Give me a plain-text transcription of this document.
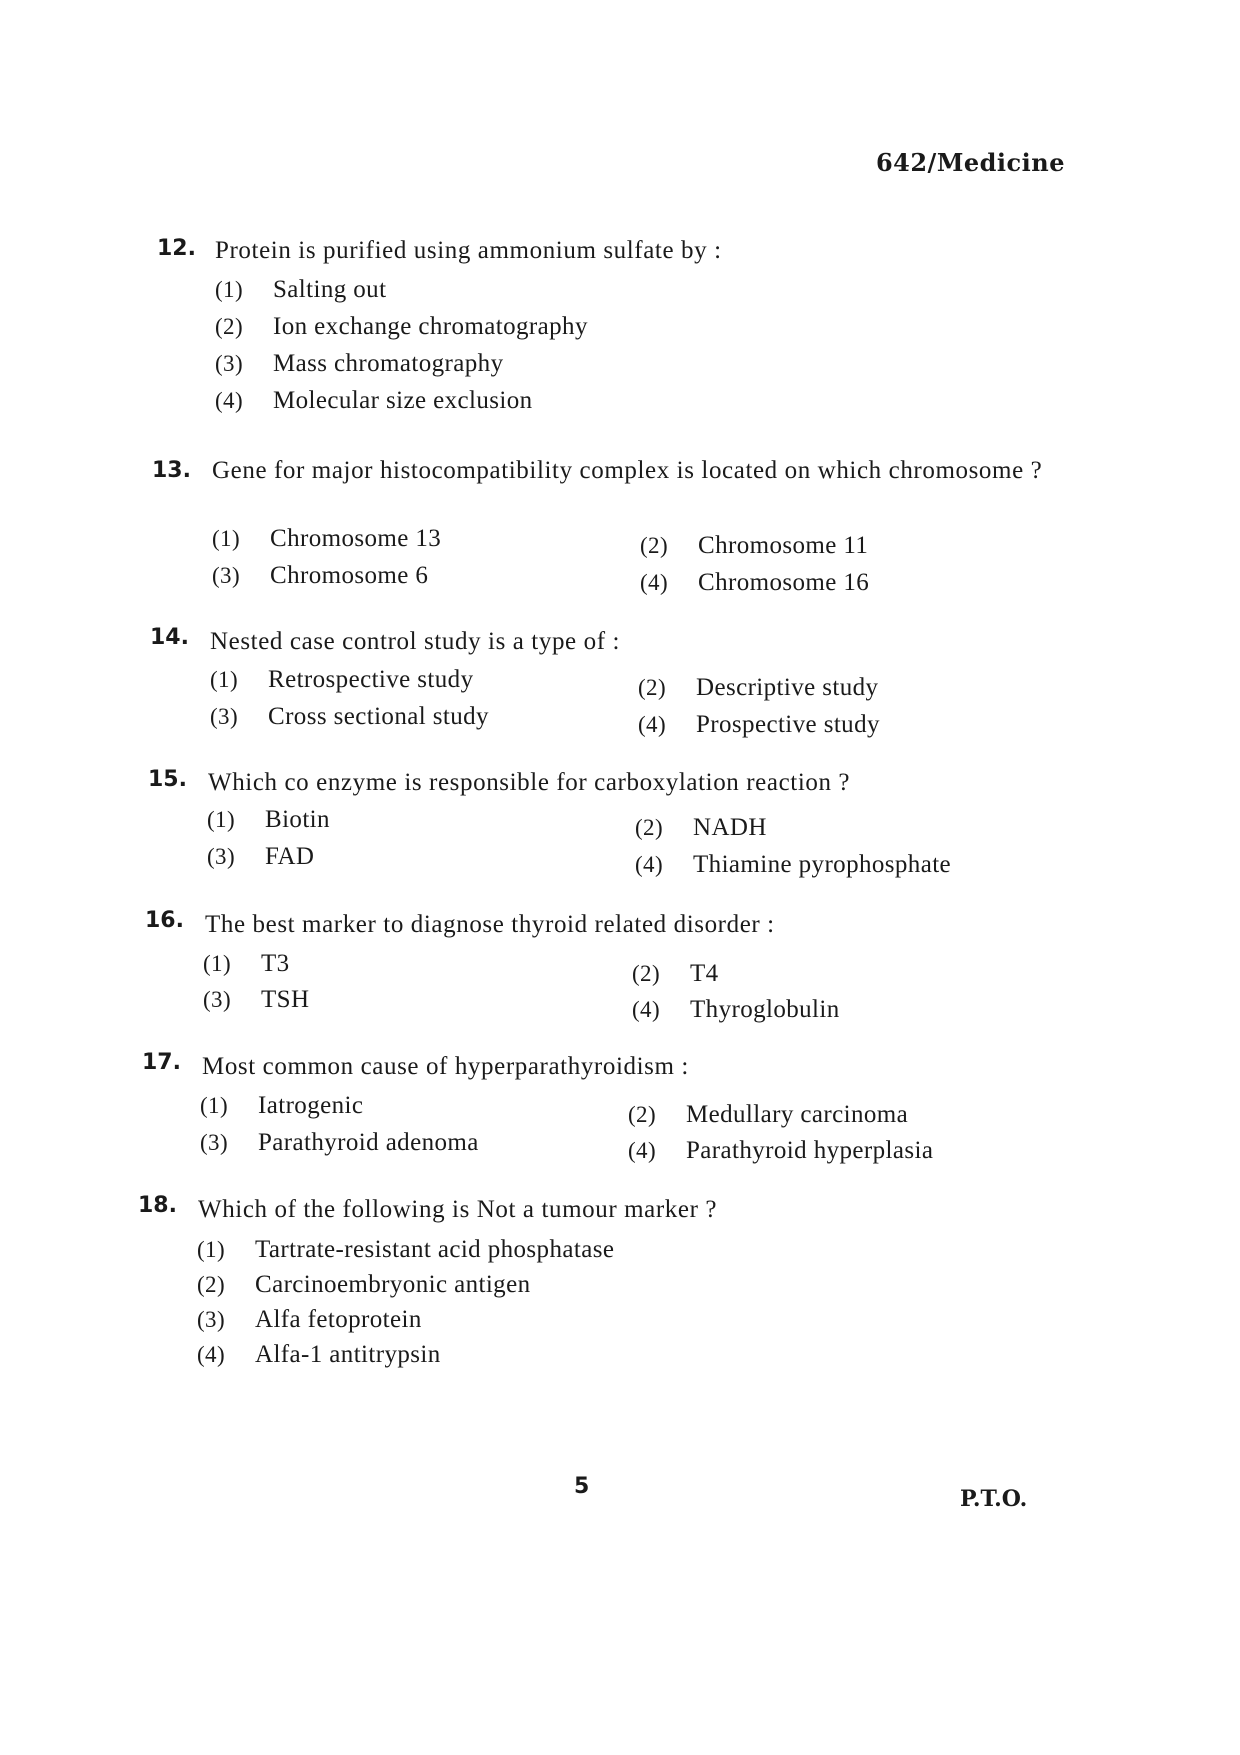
642/Medicine
12. Protein is purified using ammonium sulfate by :
(1) Salting out
(2) Ion exchange chromatography
(3) Mass chromatography
(4) Molecular size exclusion
13. Gene for major histocompatibility complex is located on which chromosome ?
(1) Chromosome 13	(2) Chromosome 11
(3) Chromosome 6	(4) Chromosome 16
14. Nested case control study is a type of :
(1) Retrospective study	(2) Descriptive study
(3) Cross sectional study	(4) Prospective study
15. Which co enzyme is responsible for carboxylation reaction ?
(1) Biotin	(2) NADH
(3) FAD	(4) Thiamine pyrophosphate
16. The best marker to diagnose thyroid related disorder :
(1) T3	(2) T4
(3) TSH	(4) Thyroglobulin
17. Most common cause of hyperparathyroidism :
(1) Iatrogenic	(2) Medullary carcinoma
(3) Parathyroid adenoma	(4) Parathyroid hyperplasia
18. Which of the following is Not a tumour marker ?
(1) Tartrate-resistant acid phosphatase
(2) Carcinoembryonic antigen
(3) Alfa fetoprotein
(4) Alfa-1 antitrypsin
5	P.T.O.
